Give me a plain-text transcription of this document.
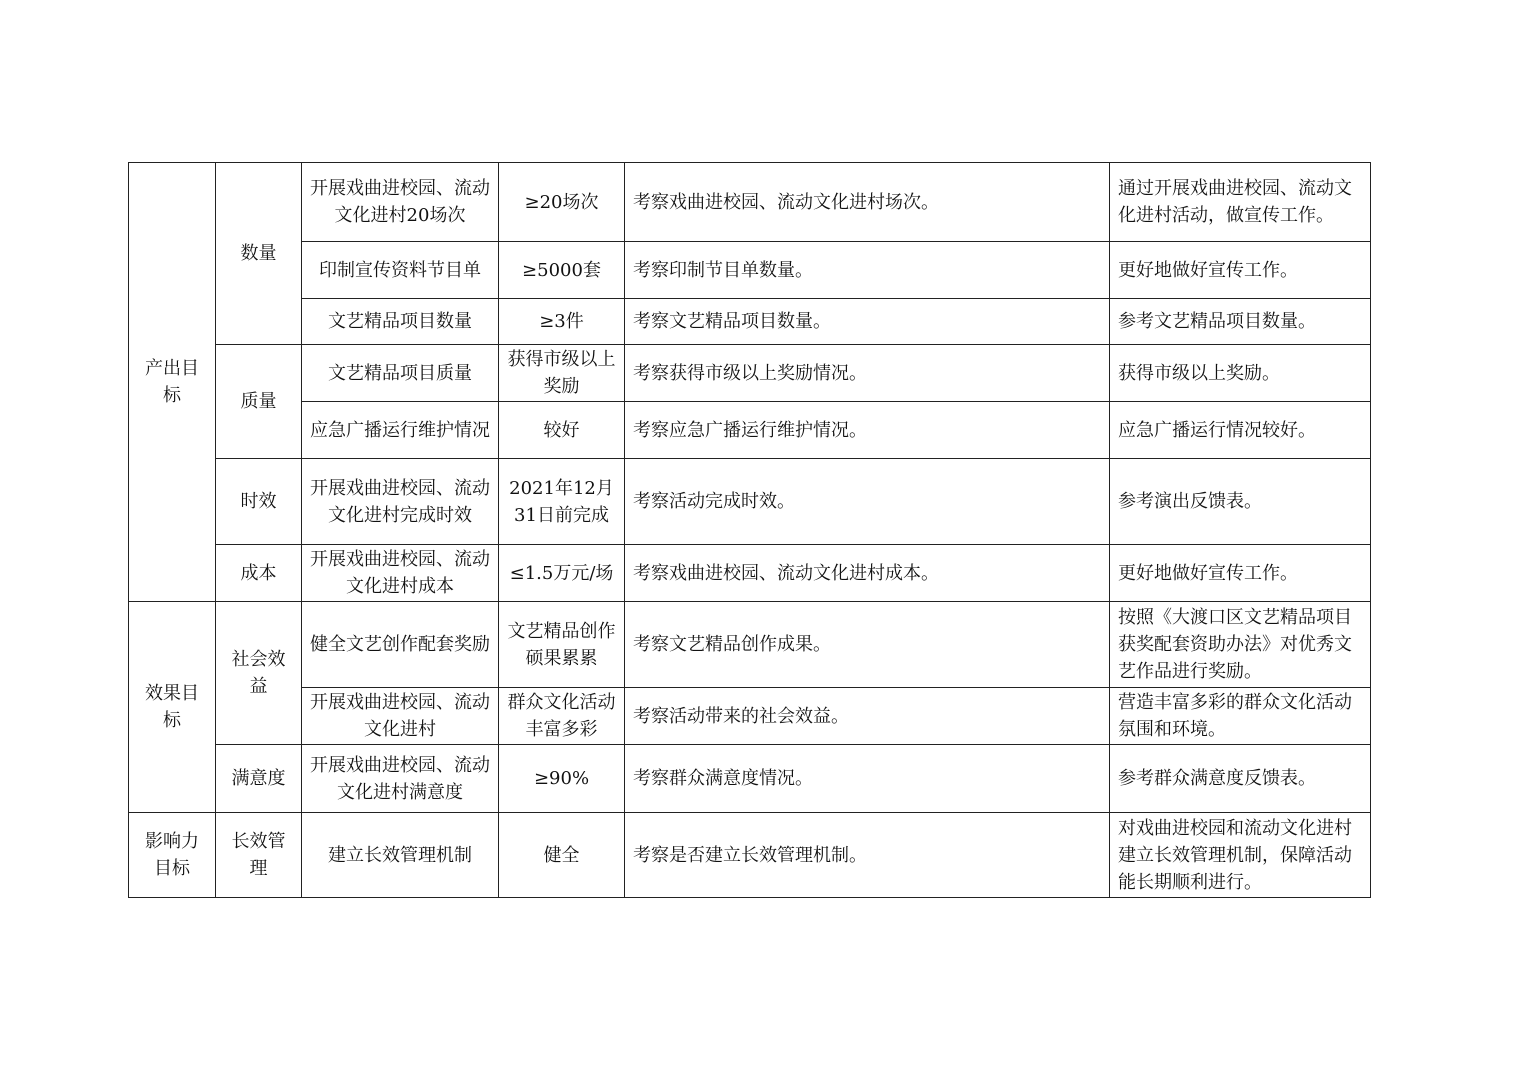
产出目标	数量	开展戏曲进校园、流动文化进村20场次	≥20场次	考察戏曲进校园、流动文化进村场次。	通过开展戏曲进校园、流动文化进村活动，做宣传工作。
		印制宣传资料节目单	≥5000套	考察印制节目单数量。	更好地做好宣传工作。
		文艺精品项目数量	≥3件	考察文艺精品项目数量。	参考文艺精品项目数量。
	质量	文艺精品项目质量	获得市级以上奖励	考察获得市级以上奖励情况。	获得市级以上奖励。
		应急广播运行维护情况	较好	考察应急广播运行维护情况。	应急广播运行情况较好。
	时效	开展戏曲进校园、流动文化进村完成时效	2021年12月31日前完成	考察活动完成时效。	参考演出反馈表。
	成本	开展戏曲进校园、流动文化进村成本	≤1.5万元/场	考察戏曲进校园、流动文化进村成本。	更好地做好宣传工作。
效果目标	社会效益	健全文艺创作配套奖励	文艺精品创作硕果累累	考察文艺精品创作成果。	按照《大渡口区文艺精品项目获奖配套资助办法》对优秀文艺作品进行奖励。
		开展戏曲进校园、流动文化进村	群众文化活动丰富多彩	考察活动带来的社会效益。	营造丰富多彩的群众文化活动氛围和环境。
	满意度	开展戏曲进校园、流动文化进村满意度	≥90%	考察群众满意度情况。	参考群众满意度反馈表。
影响力目标	长效管理	建立长效管理机制	健全	考察是否建立长效管理机制。	对戏曲进校园和流动文化进村建立长效管理机制，保障活动能长期顺利进行。
